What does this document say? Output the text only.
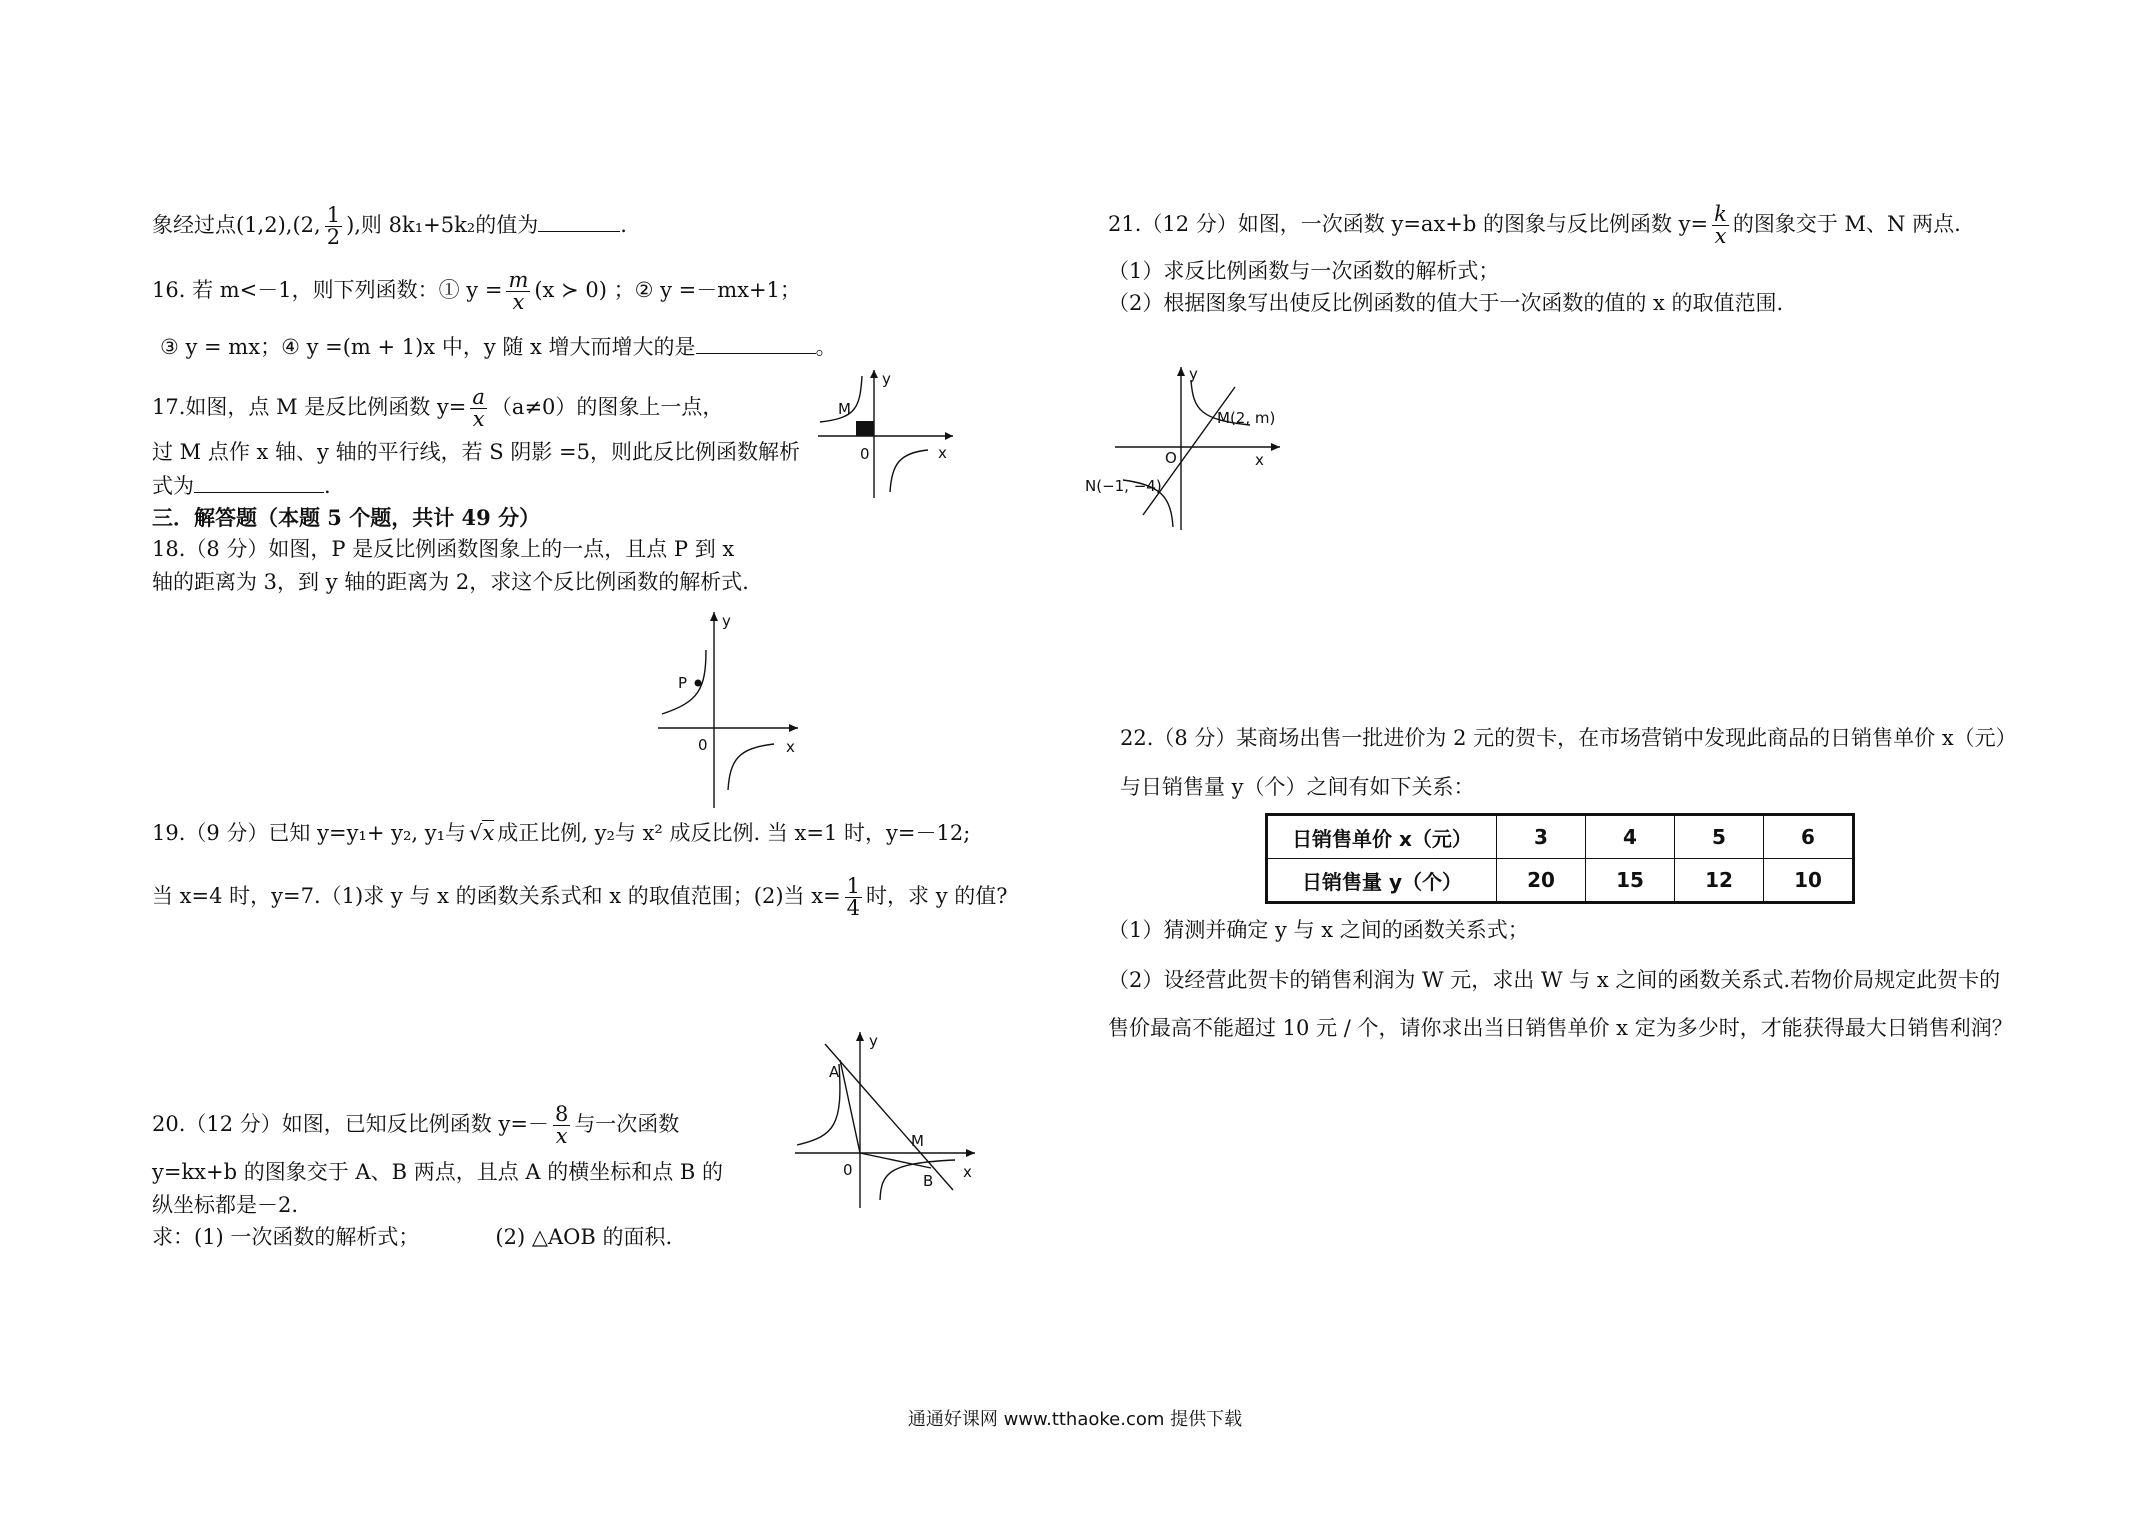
象经过点(1,2),(2, $\frac{1}{2}$ ),则 8k₁+5k₂的值为	.
16. 若 m<－1，则下列函数：① $y = \frac{m}{x} (x$ ≻ 0) ；② y =－mx+1；
③ y = mx；④ y =(m + 1)x 中，y 随 x 增大而增大的是	。
17.如图，点 M 是反比例函数 $y= \frac{a}{x} (a\ne 0)$的图象上一点，
过 M 点作 x 轴、y 轴的平行线，若 S 阴影 =5，则此反比例函数解析
式为	.
M
0	x
y
三．解答题（本题 5 个题，共计 49 分）
18.（8 分）如图，P 是反比例函数图象上的一点，且点 P 到 x
轴的距离为 3，到 y 轴的距离为 2，求这个反比例函数的解析式．
P
0	x
y
19.（9 分）已知 y=y₁+ y₂, y₁与 √x 成正比例, y₂与 x² 成反比例. 当 x=1 时，y=－12;
当 x=4 时，y=7.（1)求 y 与 x 的函数关系式和 x 的取值范围；(2)当 $x= \frac{1}{4}$ 时，求 y 的值?
20.（12 分）如图，已知反比例函数 $y=- \frac{8}{x}$ 与一次函数
y=kx+b 的图象交于 A、B 两点，且点 A 的横坐标和点 B 的
纵坐标都是－2.
求：(1) 一次函数的解析式；	(2) △AOB 的面积.
A
B
M
0	x
y
21.（12 分）如图，一次函数 y=ax+b 的图象与反比例函数 $y= \frac{k}{x}$ 的图象交于 M、N 两点.
（1）求反比例函数与一次函数的解析式；
（2）根据图象写出使反比例函数的值大于一次函数的值的 x 的取值范围.
M(2, m)
N(−1, −4)
O	x
y
22.（8 分）某商场出售一批进价为 2 元的贺卡，在市场营销中发现此商品的日销售单价 x（元）
与日销售量 y（个）之间有如下关系：
日销售单价 x（元）	3	4	5	6
日销售量 y（个）	20	15	12	10
（1）猜测并确定 y 与 x 之间的函数关系式；
（2）设经营此贺卡的销售利润为 W 元，求出 W 与 x 之间的函数关系式.若物价局规定此贺卡的
售价最高不能超过 10 元 / 个，请你求出当日销售单价 x 定为多少时，才能获得最大日销售利润？
通通好课网 www.tthaoke.com 提供下载
